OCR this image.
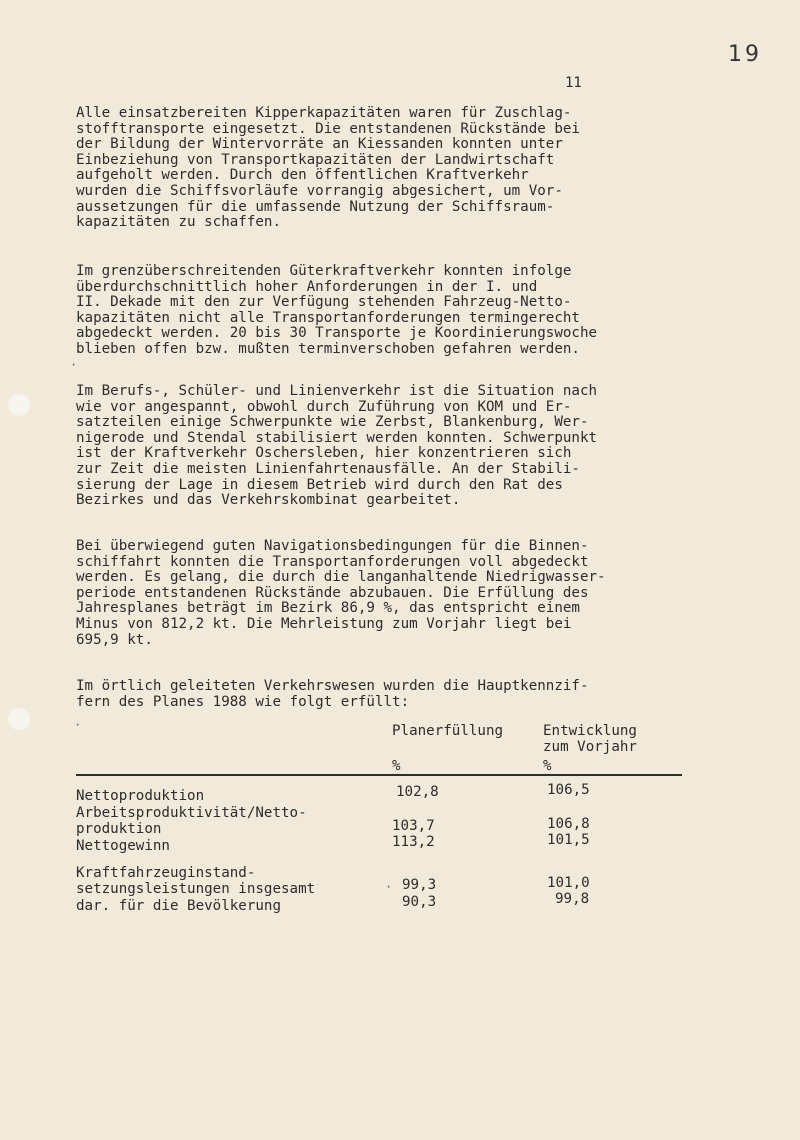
19
11

Alle einsatzbereiten Kipperkapazitäten waren für Zuschlag-
stofftransporte eingesetzt. Die entstandenen Rückstände bei
der Bildung der Wintervorräte an Kiessanden konnten unter
Einbeziehung von Transportkapazitäten der Landwirtschaft
aufgeholt werden. Durch den öffentlichen Kraftverkehr
wurden die Schiffsvorläufe vorrangig abgesichert, um Vor-
aussetzungen für die umfassende Nutzung der Schiffsraum-
kapazitäten zu schaffen.

Im grenzüberschreitenden Güterkraftverkehr konnten infolge
überdurchschnittlich hoher Anforderungen in der I. und
II. Dekade mit den zur Verfügung stehenden Fahrzeug-Netto-
kapazitäten nicht alle Transportanforderungen termingerecht
abgedeckt werden. 20 bis 30 Transporte je Koordinierungswoche
blieben offen bzw. mußten terminverschoben gefahren werden.

Im Berufs-, Schüler- und Linienverkehr ist die Situation nach
wie vor angespannt, obwohl durch Zuführung von KOM und Er-
satzteilen einige Schwerpunkte wie Zerbst, Blankenburg, Wer-
nigerode und Stendal stabilisiert werden konnten. Schwerpunkt
ist der Kraftverkehr Oschersleben, hier konzentrieren sich
zur Zeit die meisten Linienfahrtenausfälle. An der Stabili-
sierung der Lage in diesem Betrieb wird durch den Rat des
Bezirkes und das Verkehrskombinat gearbeitet.

Bei überwiegend guten Navigationsbedingungen für die Binnen-
schiffahrt konnten die Transportanforderungen voll abgedeckt
werden. Es gelang, die durch die langanhaltende Niedrigwasser-
periode entstandenen Rückstände abzubauen. Die Erfüllung des
Jahresplanes beträgt im Bezirk 86,9 %, das entspricht einem
Minus von 812,2 kt. Die Mehrleistung zum Vorjahr liegt bei
695,9 kt.

Im örtlich geleiteten Verkehrswesen wurden die Hauptkennzif-
fern des Planes 1988 wie folgt erfüllt:

Planerfüllung	Entwicklung
zum Vorjahr
%	%
Nettoproduktion	102,8	106,5
Arbeitsproduktivität/Netto-
produktion	103,7	106,8
Nettogewinn	113,2	101,5
Kraftfahrzeuginstand-
setzungsleistungen insgesamt	99,3	101,0
dar. für die Bevölkerung	90,3	99,8
·
·
·
